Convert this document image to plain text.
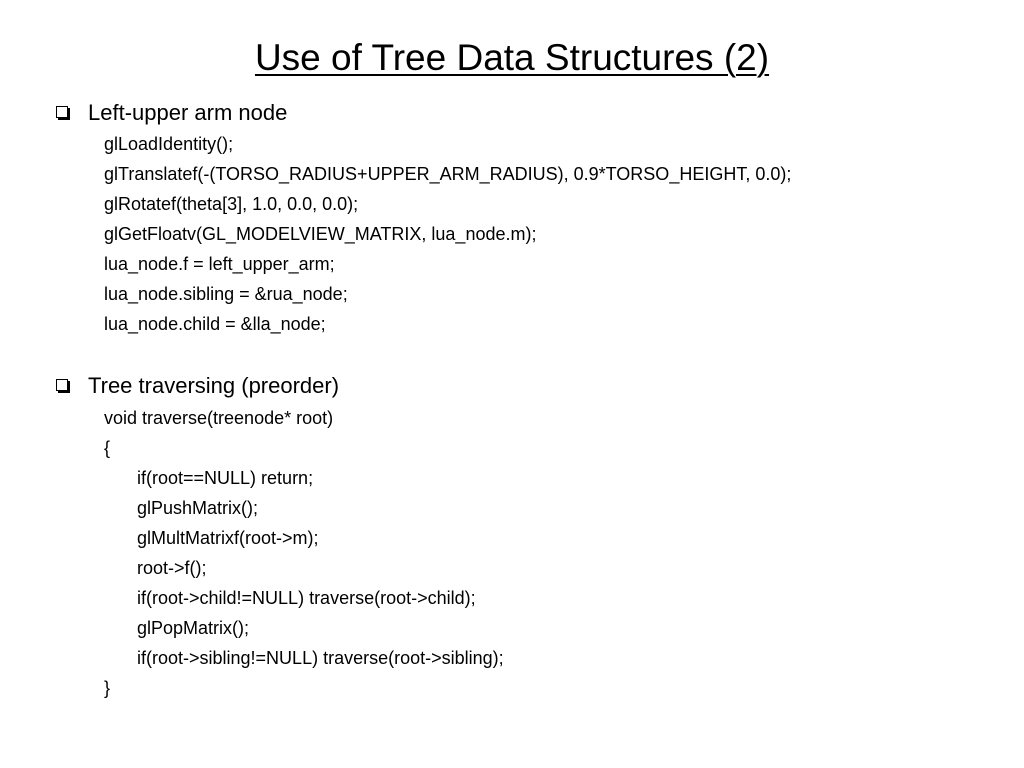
Use of Tree Data Structures (2)
Left-upper arm node
glLoadIdentity();
glTranslatef(-(TORSO_RADIUS+UPPER_ARM_RADIUS), 0.9*TORSO_HEIGHT, 0.0);
glRotatef(theta[3], 1.0, 0.0, 0.0);
glGetFloatv(GL_MODELVIEW_MATRIX, lua_node.m);
lua_node.f = left_upper_arm;
lua_node.sibling = &rua_node;
lua_node.child = &lla_node;
Tree traversing (preorder)
void traverse(treenode* root)
{
if(root==NULL) return;
glPushMatrix();
glMultMatrixf(root->m);
root->f();
if(root->child!=NULL) traverse(root->child);
glPopMatrix();
if(root->sibling!=NULL) traverse(root->sibling);
}
